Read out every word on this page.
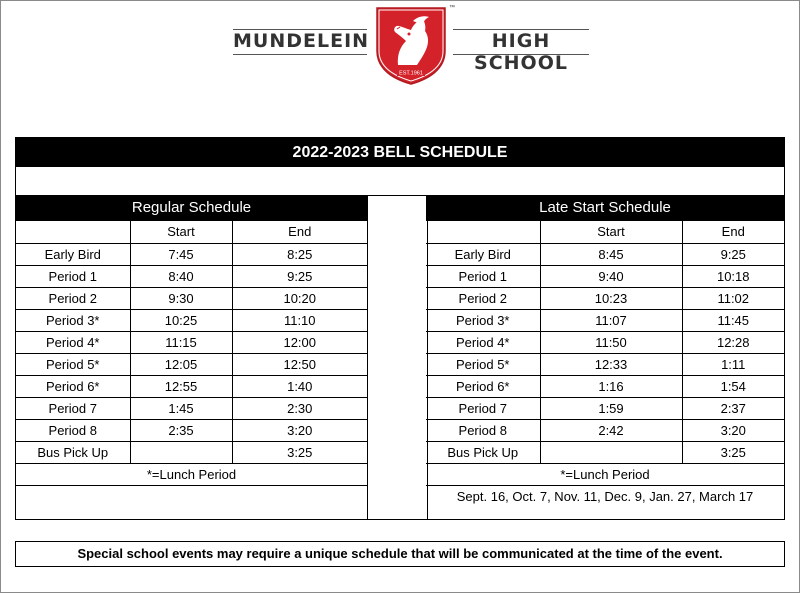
MUNDELEIN
EST.1961
™
HIGH SCHOOL
2022-2023 BELL SCHEDULE
Regular Schedule
	Start	End
Early Bird	7:45	8:25
Period 1	8:40	9:25
Period 2	9:30	10:20
Period 3*	10:25	11:10
Period 4*	11:15	12:00
Period 5*	12:05	12:50
Period 6*	12:55	1:40
Period 7	1:45	2:30
Period 8	2:35	3:20
Bus Pick Up		3:25
*=Lunch Period		

Late Start Schedule
	Start	End
Early Bird	8:45	9:25
Period 1	9:40	10:18
Period 2	10:23	11:02
Period 3*	11:07	11:45
Period 4*	11:50	12:28
Period 5*	12:33	1:11
Period 6*	1:16	1:54
Period 7	1:59	2:37
Period 8	2:42	3:20
Bus Pick Up		3:25
*=Lunch Period		
Sept. 16, Oct. 7, Nov. 11, Dec. 9, Jan. 27, March 17		
Special school events may require a unique schedule that will be communicated at the time of the event.
